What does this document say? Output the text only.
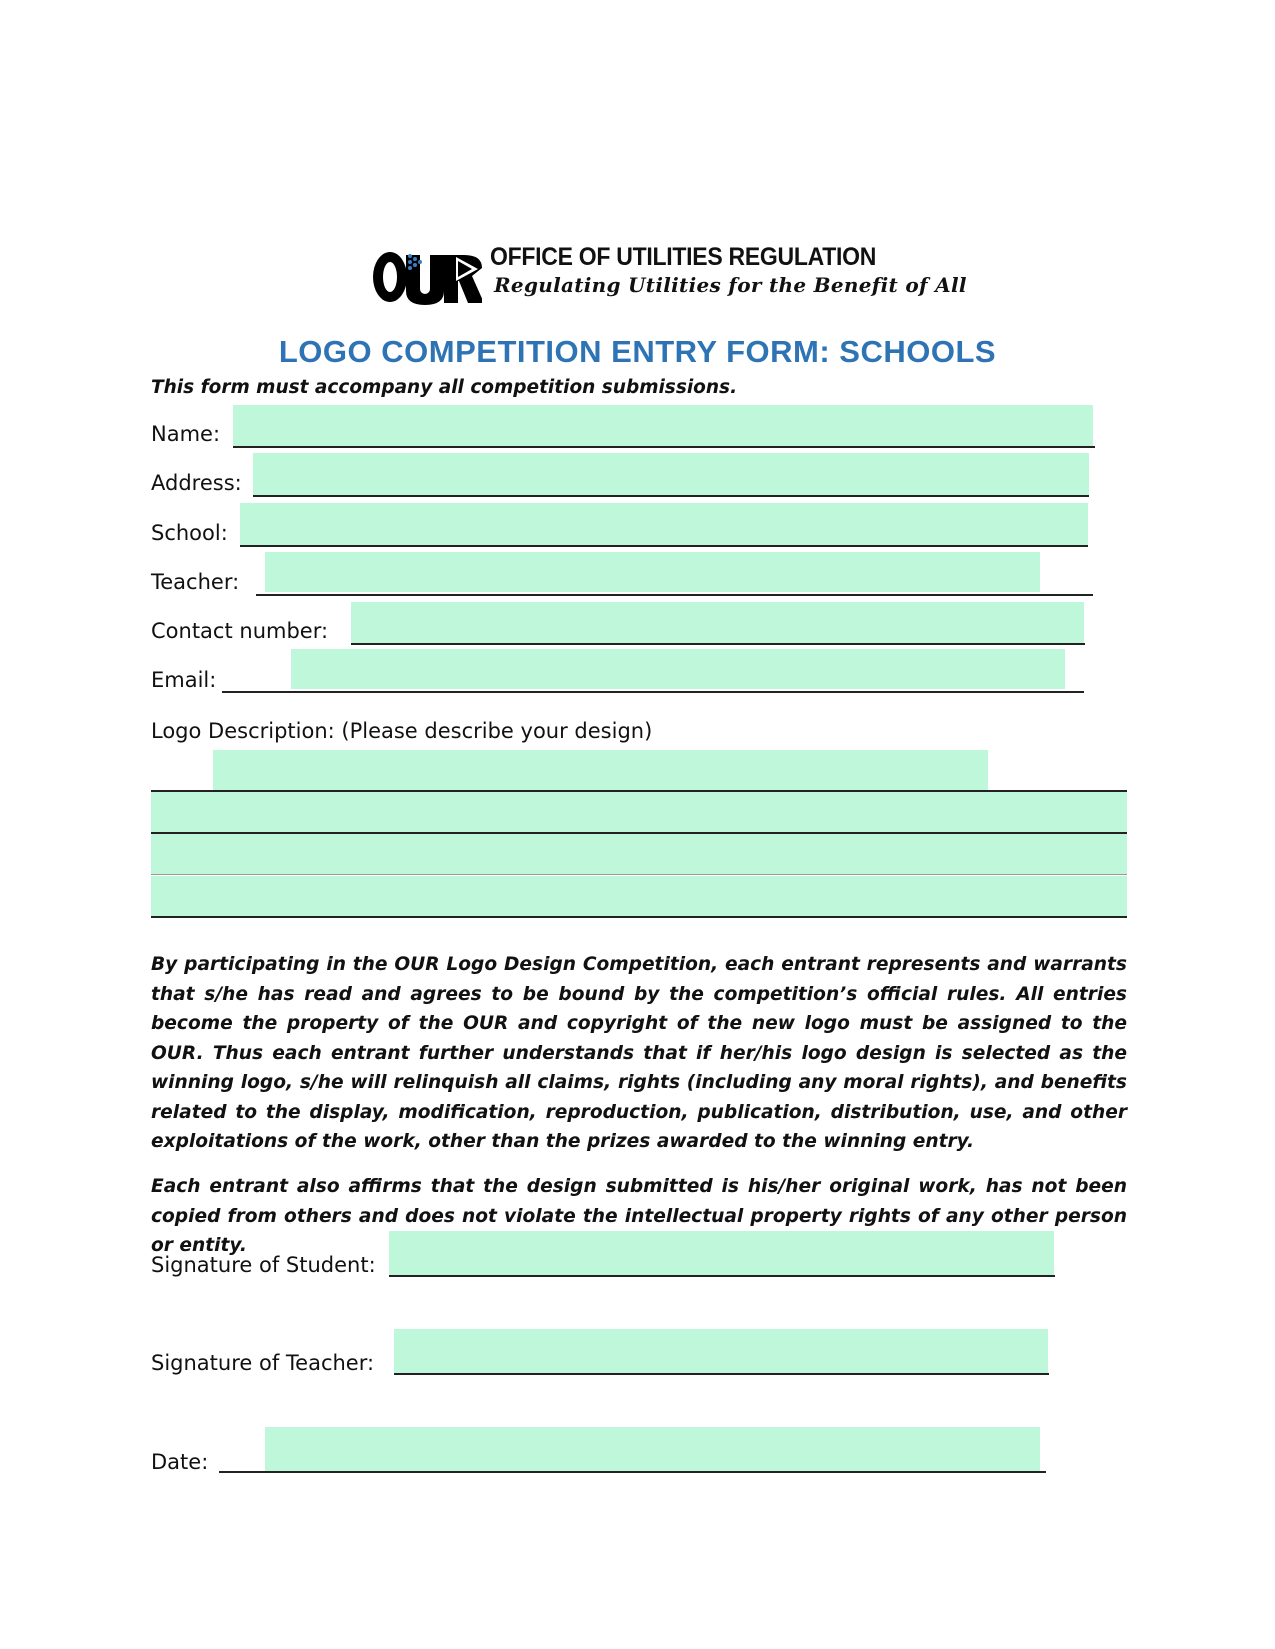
OFFICE OF UTILITIES REGULATION
Regulating Utilities for the Benefit of All
LOGO COMPETITION ENTRY FORM: SCHOOLS
This form must accompany all competition submissions.
Name:
Address:
School:
Teacher:
Contact number:
Email:
Logo Description: (Please describe your design)
By participating in the OUR Logo Design Competition, each entrant represents and warrants that s/he has read and agrees to be bound by the competition’s official rules. All entries become the property of the OUR and copyright of the new logo must be assigned to the OUR. Thus each entrant further understands that if her/his logo design is selected as the winning logo, s/he will relinquish all claims, rights (including any moral rights), and benefits related to the display, modification, reproduction, publication, distribution, use, and other exploitations of the work, other than the prizes awarded to the winning entry.
Each entrant also affirms that the design submitted is his/her original work, has not been copied from others and does not violate the intellectual property rights of any other person or entity.
Signature of Student:
Signature of Teacher:
Date:
